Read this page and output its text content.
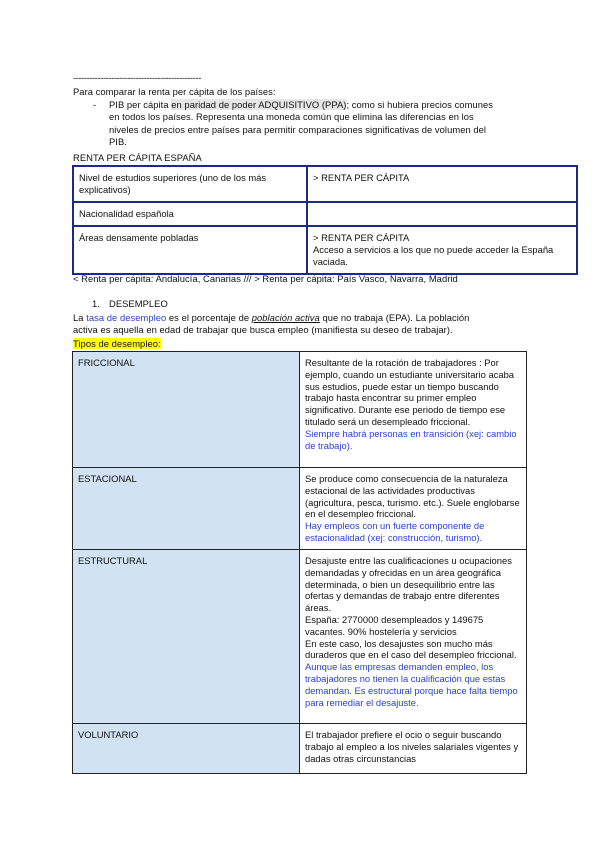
-----------------------------------------------
Para comparar la renta per cápita de los países:
- PIB per cápita en paridad de poder ADQUISITIVO (PPA); como si hubiera precios comunes
en todos los países. Representa una moneda común que elimina las diferencias en los
niveles de precios entre países para permitir comparaciones significativas de volumen del
PIB.
RENTA PER CÁPITA ESPAÑA
Nivel de estudios superiores (uno de los más explicativos)	> RENTA PER CÁPITA

Nacionalidad española	
Áreas densamente pobladas	> RENTA PER CÁPITA
Acceso a servicios a los que no puede acceder la España vaciada.
< Renta per cápita: Andalucía, Canarias /// > Renta per cápita: País Vasco, Navarra, Madrid
1. DESEMPLEO
La tasa de desempleo es el porcentaje de población activa que no trabaja (EPA). La población
activa es aquella en edad de trabajar que busca empleo (manifiesta su deseo de trabajar).
Tipos de desempleo:
FRICCIONAL	Resultante de la rotación de trabajadores : Por ejemplo, cuando un estudiante universitario acaba sus estudios, puede estar un tiempo buscando trabajo hasta encontrar su primer empleo significativo. Durante ese periodo de tiempo ese titulado será un desempleado friccional.
Siempre habrá personas en transición (xej: cambio de trabajo).

ESTACIONAL	Se produce como consecuencia de la naturaleza estacional de las actividades productivas (agricultura, pesca, turismo. etc.). Suele englobarse en el desempleo friccional.
Hay empleos con un fuerte componente de estacionalidad (xej: construcción, turismo).

ESTRUCTURAL	Desajuste entre las cualificaciones u ocupaciones demandadas y ofrecidas en un área geográfica determinada, o bien un desequilibrio entre las ofertas y demandas de trabajo entre diferentes áreas.
España: 2770000 desempleados y 149675 vacantes. 90% hostelería y servicios
En este caso, los desajustes son mucho más duraderos que en el caso del desempleo friccional.
Aunque las empresas demanden empleo, los trabajadores no tienen la cualificación que estas demandan. Es estructural porque hace falta tiempo para remediar el desajuste.

VOLUNTARIO	El trabajador prefiere el ocio o seguir buscando trabajo al empleo a los niveles salariales vigentes y dadas otras circunstancias
